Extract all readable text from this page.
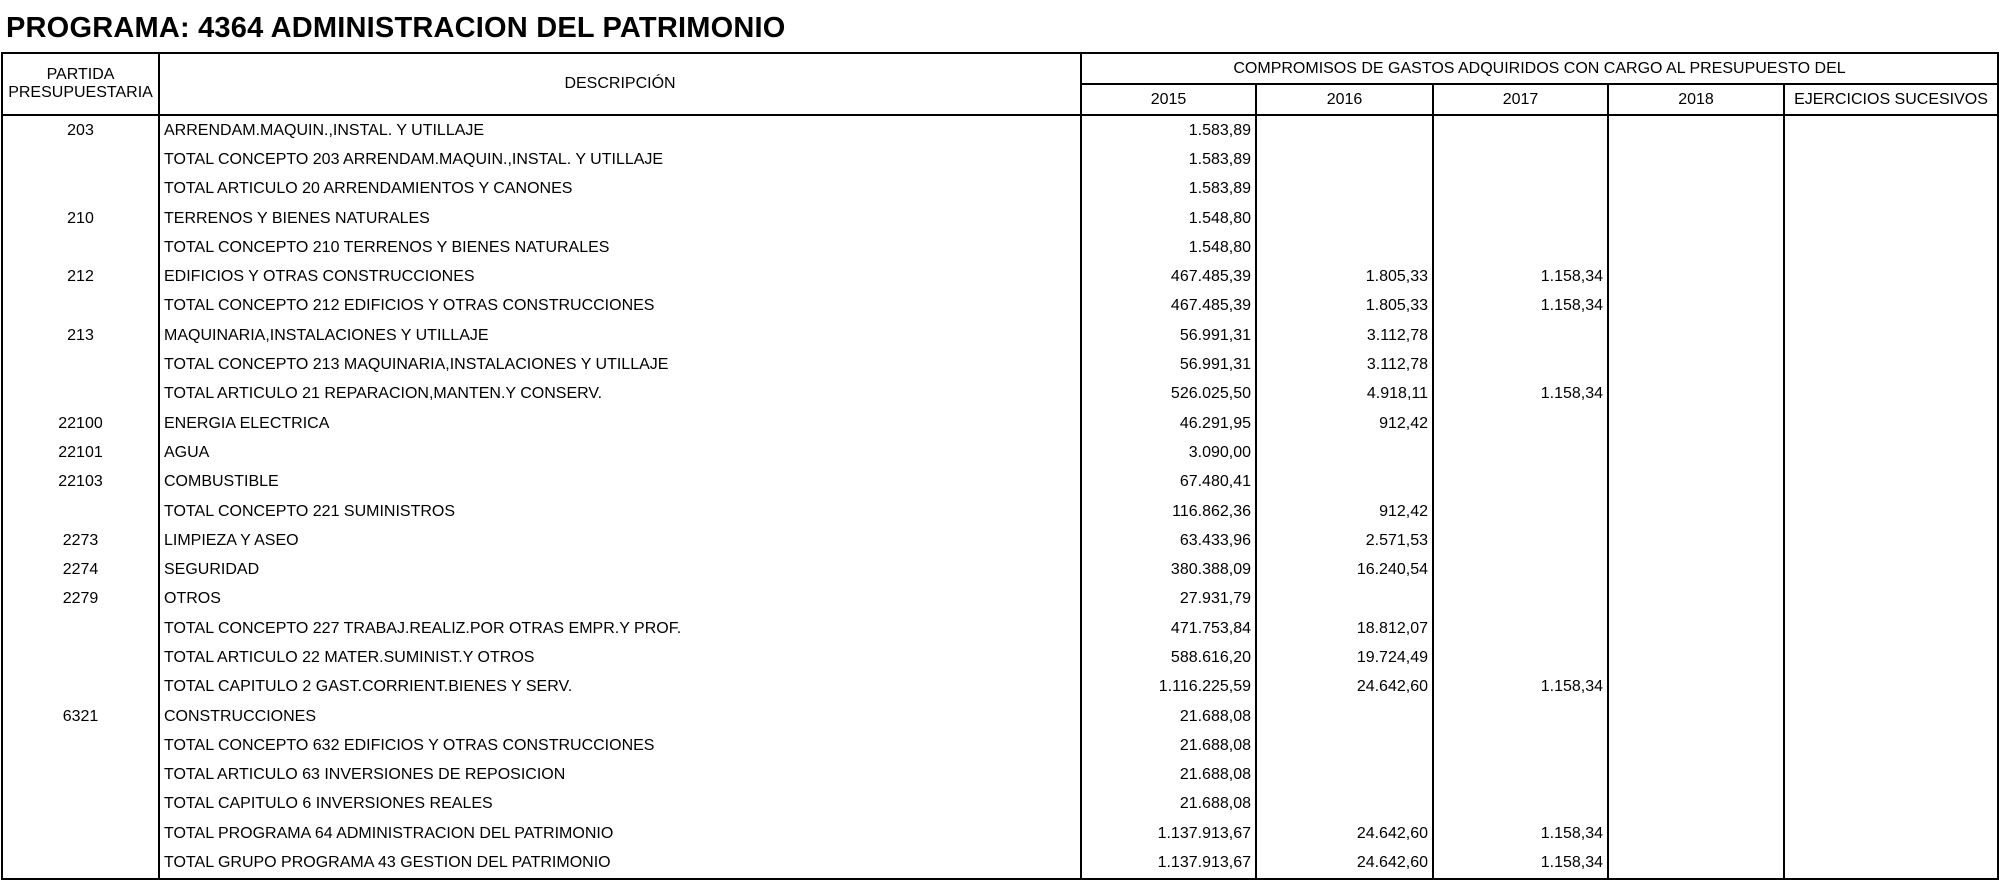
PROGRAMA: 4364 ADMINISTRACION DEL PATRIMONIO
PARTIDA
PRESUPUESTARIA	DESCRIPCIÓN	COMPROMISOS DE GASTOS ADQUIRIDOS CON CARGO AL PRESUPUESTO DEL				
		2015	2016	2017	2018	EJERCICIOS SUCESIVOS
203	ARRENDAM.MAQUIN.,INSTAL. Y UTILLAJE	1.583,89				
	TOTAL CONCEPTO 203 ARRENDAM.MAQUIN.,INSTAL. Y UTILLAJE	1.583,89				
	TOTAL ARTICULO 20 ARRENDAMIENTOS Y CANONES	1.583,89				
210	TERRENOS Y BIENES NATURALES	1.548,80				
	TOTAL CONCEPTO 210 TERRENOS Y BIENES NATURALES	1.548,80				
212	EDIFICIOS Y OTRAS CONSTRUCCIONES	467.485,39	1.805,33	1.158,34		
	TOTAL CONCEPTO 212 EDIFICIOS Y OTRAS CONSTRUCCIONES	467.485,39	1.805,33	1.158,34		
213	MAQUINARIA,INSTALACIONES Y UTILLAJE	56.991,31	3.112,78			
	TOTAL CONCEPTO 213 MAQUINARIA,INSTALACIONES Y UTILLAJE	56.991,31	3.112,78			
	TOTAL ARTICULO 21 REPARACION,MANTEN.Y CONSERV.	526.025,50	4.918,11	1.158,34		
22100	ENERGIA ELECTRICA	46.291,95	912,42			
22101	AGUA	3.090,00				
22103	COMBUSTIBLE	67.480,41				
	TOTAL CONCEPTO 221 SUMINISTROS	116.862,36	912,42			
2273	LIMPIEZA Y ASEO	63.433,96	2.571,53			
2274	SEGURIDAD	380.388,09	16.240,54			
2279	OTROS	27.931,79				
	TOTAL CONCEPTO 227 TRABAJ.REALIZ.POR OTRAS EMPR.Y PROF.	471.753,84	18.812,07			
	TOTAL ARTICULO 22 MATER.SUMINIST.Y OTROS	588.616,20	19.724,49			
	TOTAL CAPITULO 2 GAST.CORRIENT.BIENES Y SERV.	1.116.225,59	24.642,60	1.158,34		
6321	CONSTRUCCIONES	21.688,08				
	TOTAL CONCEPTO 632 EDIFICIOS Y OTRAS CONSTRUCCIONES	21.688,08				
	TOTAL ARTICULO 63 INVERSIONES DE REPOSICION	21.688,08				
	TOTAL CAPITULO 6 INVERSIONES REALES	21.688,08				
	TOTAL PROGRAMA 64 ADMINISTRACION DEL PATRIMONIO	1.137.913,67	24.642,60	1.158,34		
	TOTAL GRUPO PROGRAMA 43 GESTION DEL PATRIMONIO	1.137.913,67	24.642,60	1.158,34		
